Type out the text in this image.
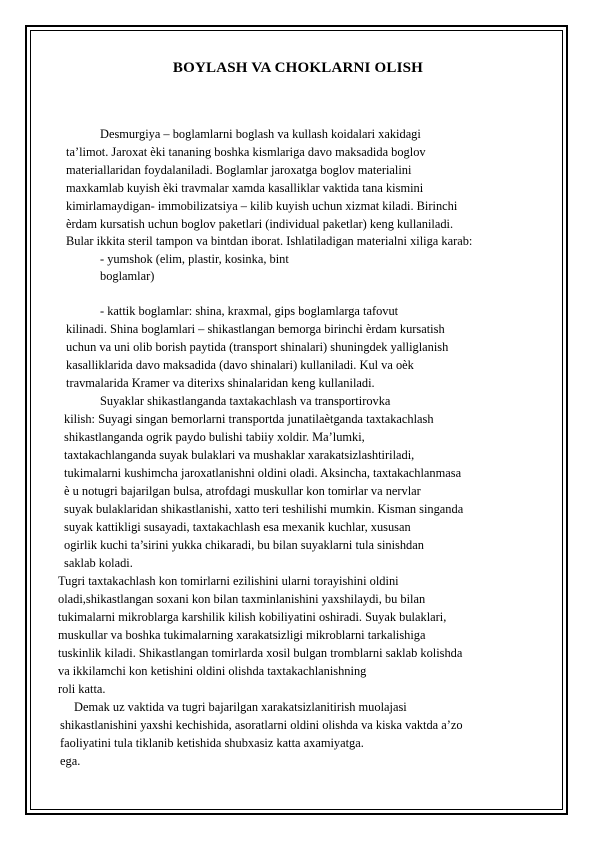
BOYLASH VA CHOKLARNI OLISH
Desmurgiya – boglamlarni boglash va kullash koidalari xakidagi
ta’limot. Jaroxat ѐki tananing boshka kismlariga davo maksadida boglov
materiallaridan foydalaniladi. Boglamlar jaroxatga boglov materialini
maxkamlab kuyish ѐki travmalar xamda kasalliklar vaktida tana kismini
kimirlamaydigan- immobilizatsiya – kilib kuyish uchun xizmat kiladi. Birinchi
ѐrdam kursatish uchun boglov paketlari (individual paketlar) keng kullaniladi.
Bular ikkita steril tampon va bintdan iborat. Ishlatiladigan materialni xiliga karab:
- yumshok (elim, plastir, kosinka, bint
boglamlar)
- kattik boglamlar: shina, kraxmal, gips boglamlarga tafovut
kilinadi. Shina boglamlari – shikastlangan bemorga birinchi ѐrdam kursatish
uchun va uni olib borish paytida (transport shinalari) shuningdek yalliglanish
kasalliklarida davo maksadida (davo shinalari) kullaniladi. Kul va oѐk
travmalarida Kramer va diterixs shinalaridan keng kullaniladi.
Suyaklar shikastlanganda taxtakachlash va transportirovka
kilish: Suyagi singan bemorlarni transportda junatilaѐtganda taxtakachlash
shikastlanganda ogrik paydo bulishi tabiiy xoldir. Ma’lumki,
taxtakachlanganda suyak bulaklari va mushaklar xarakatsizlashtiriladi,
tukimalarni kushimcha jaroxatlanishni oldini oladi. Aksincha, taxtakachlanmasa
ѐ u notugri bajarilgan bulsa, atrofdagi muskullar kon tomirlar va nervlar
suyak bulaklaridan shikastlanishi, xatto teri teshilishi mumkin. Kisman singanda
suyak kattikligi susayadi, taxtakachlash esa mexanik kuchlar, xususan
ogirlik kuchi ta’sirini yukka chikaradi, bu bilan suyaklarni tula sinishdan
saklab koladi.
Tugri taxtakachlash kon tomirlarni ezilishini ularni torayishini oldini
oladi,shikastlangan soxani kon bilan taxminlanishini yaxshilaydi, bu bilan
tukimalarni mikroblarga karshilik kilish kobiliyatini oshiradi. Suyak bulaklari,
muskullar va boshka tukimalarning xarakatsizligi mikroblarni tarkalishiga
tuskinlik kiladi. Shikastlangan tomirlarda xosil bulgan tromblarni saklab kolishda
va ikkilamchi kon ketishini oldini olishda taxtakachlanishning
roli katta.
Demak uz vaktida va tugri bajarilgan xarakatsizlanitirish muolajasi
shikastlanishini yaxshi kechishida, asoratlarni oldini olishda va kiska vaktda a’zo
faoliyatini tula tiklanib ketishida shubxasiz katta axamiyatga.
ega.
